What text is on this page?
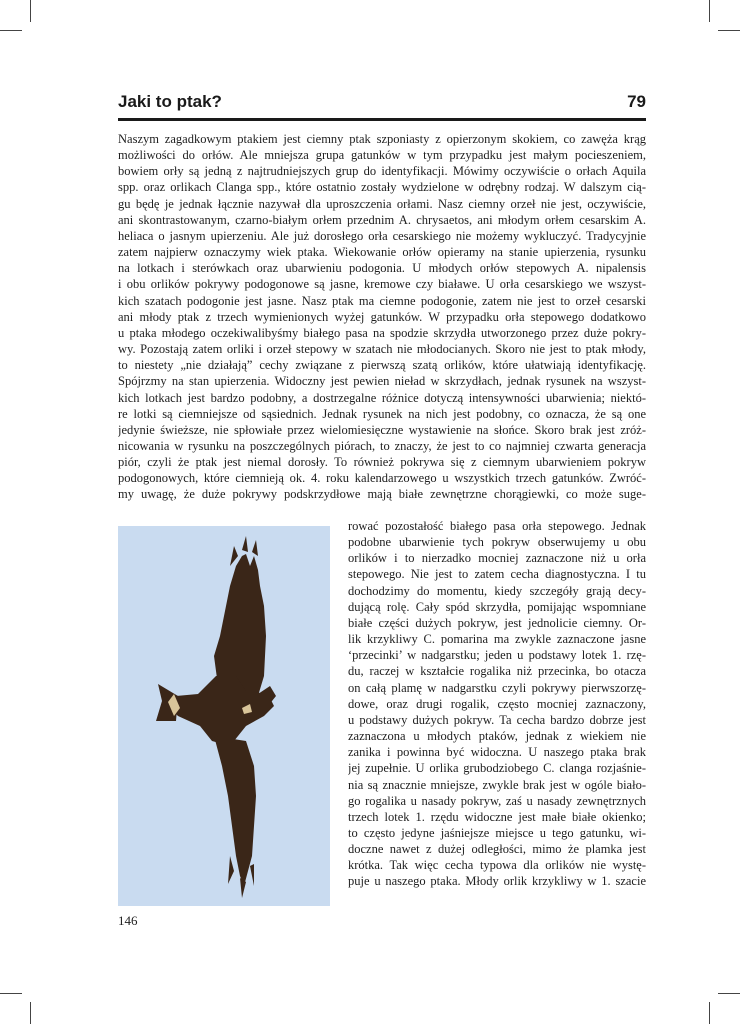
Jaki to ptak?	79
Naszym zagadkowym ptakiem jest ciemny ptak szponiasty z opierzonym skokiem, co zawęża krąg
możliwości do orłów. Ale mniejsza grupa gatunków w tym przypadku jest małym pocieszeniem,
bowiem orły są jedną z najtrudniejszych grup do identyfikacji. Mówimy oczywiście o orłach Aquila
spp. oraz orlikach Clanga spp., które ostatnio zostały wydzielone w odrębny rodzaj. W dalszym cią-
gu będę je jednak łącznie nazywał dla uproszczenia orłami. Nasz ciemny orzeł nie jest, oczywiście,
ani skontrastowanym, czarno-białym orłem przednim A. chrysaetos, ani młodym orłem cesarskim A.
heliaca o jasnym upierzeniu. Ale już dorosłego orła cesarskiego nie możemy wykluczyć. Tradycyjnie
zatem najpierw oznaczymy wiek ptaka. Wiekowanie orłów opieramy na stanie upierzenia, rysunku
na lotkach i sterówkach oraz ubarwieniu podogonia. U młodych orłów stepowych A. nipalensis
i obu orlików pokrywy podogonowe są jasne, kremowe czy białawe. U orła cesarskiego we wszyst-
kich szatach podogonie jest jasne. Nasz ptak ma ciemne podogonie, zatem nie jest to orzeł cesarski
ani młody ptak z trzech wymienionych wyżej gatunków. W przypadku orła stepowego dodatkowo
u ptaka młodego oczekiwalibyśmy białego pasa na spodzie skrzydła utworzonego przez duże pokry-
wy. Pozostają zatem orliki i orzeł stepowy w szatach nie młodocianych. Skoro nie jest to ptak młody,
to niestety „nie działają” cechy związane z pierwszą szatą orlików, które ułatwiają identyfikację.
Spójrzmy na stan upierzenia. Widoczny jest pewien nieład w skrzydłach, jednak rysunek na wszyst-
kich lotkach jest bardzo podobny, a dostrzegalne różnice dotyczą intensywności ubarwienia; niektó-
re lotki są ciemniejsze od sąsiednich. Jednak rysunek na nich jest podobny, co oznacza, że są one
jedynie świeższe, nie spłowiałe przez wielomiesięczne wystawienie na słońce. Skoro brak jest zróż-
nicowania w rysunku na poszczególnych piórach, to znaczy, że jest to co najmniej czwarta generacja
piór, czyli że ptak jest niemal dorosły. To również pokrywa się z ciemnym ubarwieniem pokryw
podogonowych, które ciemnieją ok. 4. roku kalendarzowego u wszystkich trzech gatunków. Zwróć-
my uwagę, że duże pokrywy podskrzydłowe mają białe zewnętrzne chorągiewki, co może suge-
rować pozostałość białego pasa orła stepowego. Jednak
podobne ubarwienie tych pokryw obserwujemy u obu
orlików i to nierzadko mocniej zaznaczone niż u orła
stepowego. Nie jest to zatem cecha diagnostyczna. I tu
dochodzimy do momentu, kiedy szczegóły grają decy-
dującą rolę. Cały spód skrzydła, pomijając wspomniane
białe części dużych pokryw, jest jednolicie ciemny. Or-
lik krzykliwy C. pomarina ma zwykle zaznaczone jasne
‘przecinki’ w nadgarstku; jeden u podstawy lotek 1. rzę-
du, raczej w kształcie rogalika niż przecinka, bo otacza
on całą plamę w nadgarstku czyli pokrywy pierwszorzę-
dowe, oraz drugi rogalik, często mocniej zaznaczony,
u podstawy dużych pokryw. Ta cecha bardzo dobrze jest
zaznaczona u młodych ptaków, jednak z wiekiem nie
zanika i powinna być widoczna. U naszego ptaka brak
jej zupełnie. U orlika grubodziobego C. clanga rozjaśnie-
nia są znacznie mniejsze, zwykle brak jest w ogóle biało-
go rogalika u nasady pokryw, zaś u nasady zewnętrznych
trzech lotek 1. rzędu widoczne jest małe białe okienko;
to często jedyne jaśniejsze miejsce u tego gatunku, wi-
doczne nawet z dużej odległości, mimo że plamka jest
krótka. Tak więc cecha typowa dla orlików nie wystę-
puje u naszego ptaka. Młody orlik krzykliwy w 1. szacie
146
